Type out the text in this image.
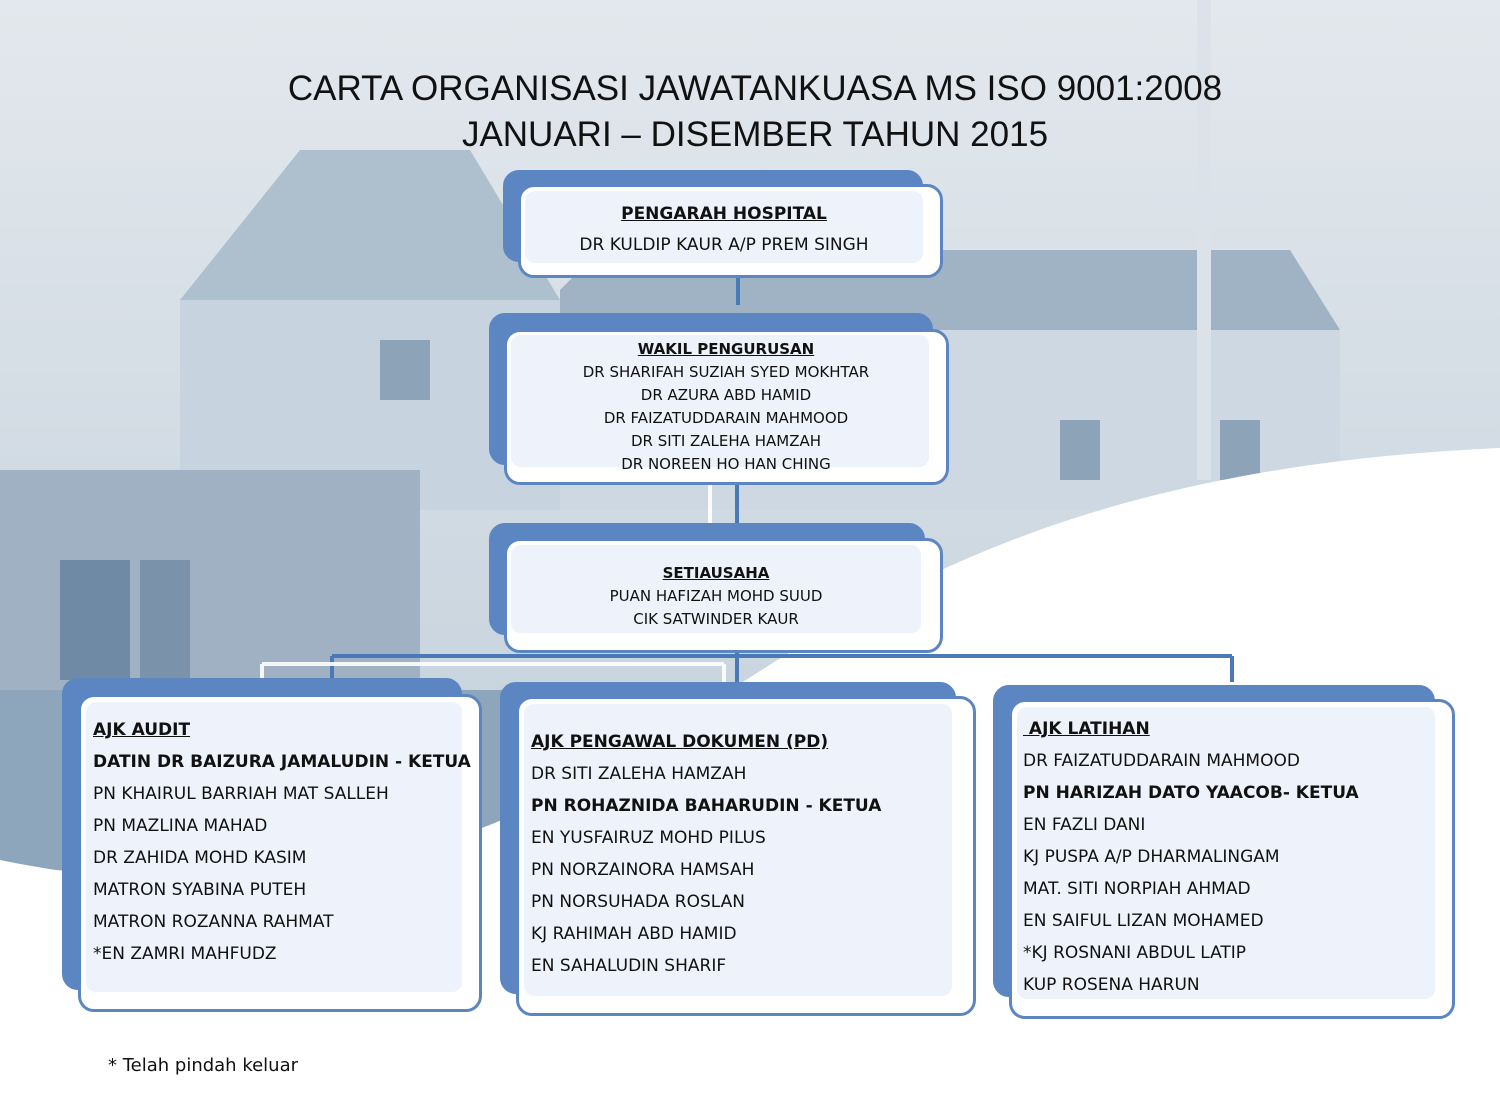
CARTA ORGANISASI JAWATANKUASA MS ISO 9001:2008
JANUARI – DISEMBER TAHUN 2015
PENGARAH HOSPITAL
DR KULDIP KAUR A/P PREM SINGH
WAKIL PENGURUSAN
DR SHARIFAH SUZIAH SYED MOKHTAR
DR AZURA ABD HAMID
DR FAIZATUDDARAIN MAHMOOD
DR SITI ZALEHA HAMZAH
DR NOREEN HO HAN CHING
SETIAUSAHA
PUAN HAFIZAH MOHD SUUD
CIK SATWINDER KAUR
AJK AUDIT
DATIN DR BAIZURA JAMALUDIN - KETUA
PN KHAIRUL BARRIAH MAT SALLEH
PN MAZLINA MAHAD
DR ZAHIDA MOHD KASIM
MATRON SYABINA PUTEH
MATRON ROZANNA RAHMAT
*EN ZAMRI MAHFUDZ
AJK PENGAWAL DOKUMEN (PD)
DR SITI ZALEHA HAMZAH
PN ROHAZNIDA BAHARUDIN - KETUA
EN YUSFAIRUZ MOHD PILUS
PN NORZAINORA HAMSAH
PN NORSUHADA ROSLAN
KJ RAHIMAH ABD HAMID
EN SAHALUDIN SHARIF
AJK LATIHAN
DR FAIZATUDDARAIN MAHMOOD
PN HARIZAH DATO YAACOB- KETUA
EN FAZLI DANI
KJ PUSPA A/P DHARMALINGAM
MAT. SITI NORPIAH AHMAD
EN SAIFUL LIZAN MOHAMED
*KJ ROSNANI ABDUL LATIP
KUP ROSENA HARUN
* Telah pindah keluar
